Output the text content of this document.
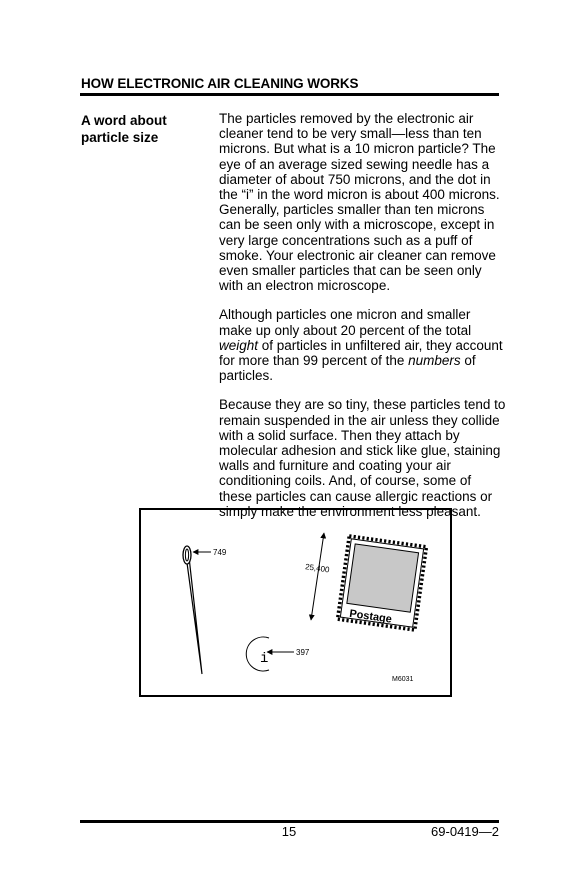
HOW ELECTRONIC AIR CLEANING WORKS
A word about
particle size

The particles removed by the electronic air
cleaner tend to be very small—less than ten
microns. But what is a 10 micron particle? The
eye of an average sized sewing needle has a
diameter of about 750 microns, and the dot in
the “i” in the word micron is about 400 microns.
Generally, particles smaller than ten microns
can be seen only with a microscope, except in
very large concentrations such as a puff of
smoke. Your electronic air cleaner can remove
even smaller particles that can be seen only
with an electron microscope.

Although particles one micron and smaller
make up only about 20 percent of the total
weight of particles in unfiltered air, they account
for more than 99 percent of the numbers of
particles.

Because they are so tiny, these particles tend to
remain suspended in the air unless they collide
with a solid surface. Then they attach by
molecular adhesion and stick like glue, staining
walls and furniture and coating your air
conditioning coils. And, of course, some of
these particles can cause allergic reactions or
simply make the environment less pleasant.

749
25,400
Postage
i	397
M6031
15	69-0419—2
